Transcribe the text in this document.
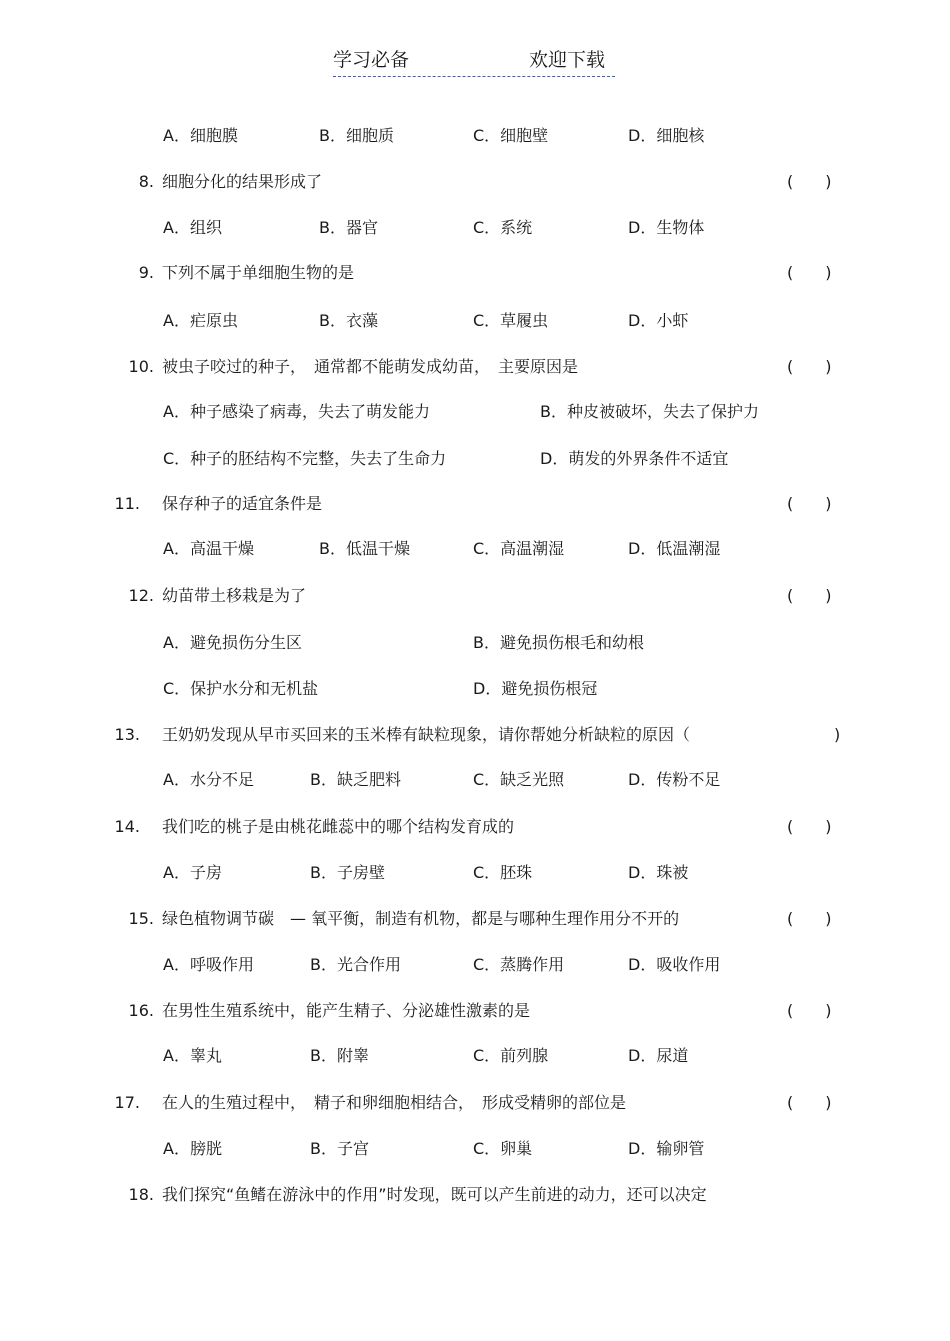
学习必备	欢迎下载
A．细胞膜	B．细胞质	C．细胞壁	D．细胞核
8. 细胞分化的结果形成了	(　　)
A．组织	B．器官	C．系统	D．生物体
9. 下列不属于单细胞生物的是	(　　)
A．疟原虫	B．衣藻	C．草履虫	D．小虾
10. 被虫子咬过的种子，　通常都不能萌发成幼苗，　主要原因是	(　　)
A．种子感染了病毒，失去了萌发能力	B．种皮被破坏，失去了保护力
C．种子的胚结构不完整，失去了生命力	D．萌发的外界条件不适宜
11. 保存种子的适宜条件是	(　　)
A．高温干燥	B．低温干燥	C．高温潮湿	D．低温潮湿
12. 幼苗带土移栽是为了	(　　)
A．避免损伤分生区	B．避免损伤根毛和幼根
C．保护水分和无机盐	D．避免损伤根冠
13. 王奶奶发现从早市买回来的玉米棒有缺粒现象，请你帮她分析缺粒的原因（	)
A．水分不足	B．缺乏肥料	C．缺乏光照	D．传粉不足
14. 我们吃的桃子是由桃花雌蕊中的哪个结构发育成的	(　　)
A．子房	B．子房壁	C．胚珠	D．珠被
15. 绿色植物调节碳　— 氧平衡，制造有机物，都是与哪种生理作用分不开的	(　　)
A．呼吸作用	B．光合作用	C．蒸腾作用	D．吸收作用
16. 在男性生殖系统中，能产生精子、分泌雄性激素的是	(　　)
A．睾丸	B．附睾	C．前列腺	D．尿道
17. 在人的生殖过程中，　精子和卵细胞相结合，　形成受精卵的部位是	(　　)
A．膀胱	B．子宫	C．卵巢	D．输卵管
18. 我们探究“鱼鳍在游泳中的作用”时发现，既可以产生前进的动力，还可以决定
